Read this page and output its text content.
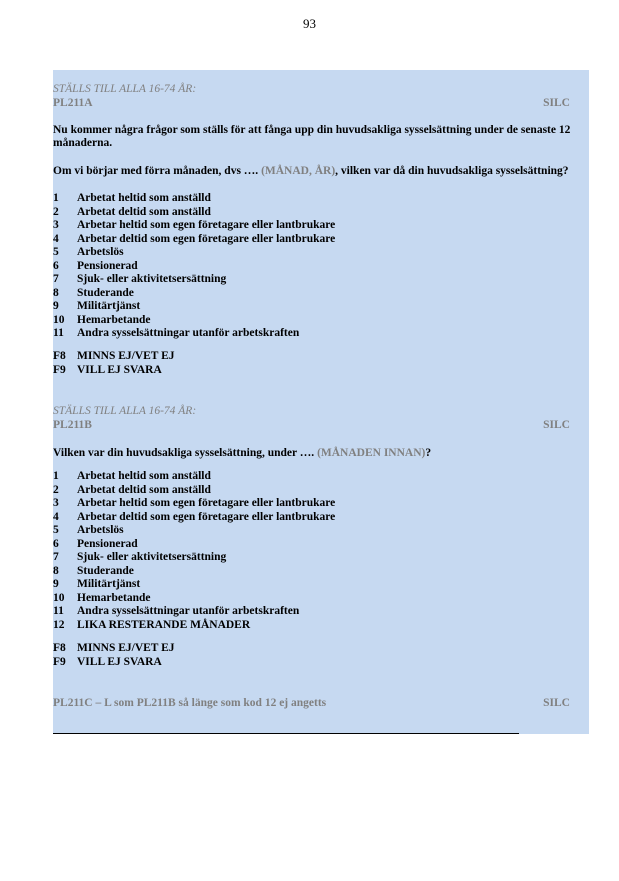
93
STÄLLS TILL ALLA 16-74 ÅR:
PL211A	SILC
Nu kommer några frågor som ställs för att fånga upp din huvudsakliga sysselsättning under de senaste 12 månaderna.
Om vi börjar med förra månaden, dvs …. (MÅNAD, ÅR), vilken var då din huvudsakliga sysselsättning?
1 Arbetat heltid som anställd
2 Arbetat deltid som anställd
3 Arbetar heltid som egen företagare eller lantbrukare
4 Arbetar deltid som egen företagare eller lantbrukare
5 Arbetslös
6 Pensionerad
7 Sjuk- eller aktivitetsersättning
8 Studerande
9 Militärtjänst
10 Hemarbetande
11 Andra sysselsättningar utanför arbetskraften
F8 MINNS EJ/VET EJ
F9 VILL EJ SVARA
STÄLLS TILL ALLA 16-74 ÅR:
PL211B	SILC
Vilken var din huvudsakliga sysselsättning, under …. (MÅNADEN INNAN)?
1 Arbetat heltid som anställd
2 Arbetat deltid som anställd
3 Arbetar heltid som egen företagare eller lantbrukare
4 Arbetar deltid som egen företagare eller lantbrukare
5 Arbetslös
6 Pensionerad
7 Sjuk- eller aktivitetsersättning
8 Studerande
9 Militärtjänst
10 Hemarbetande
11 Andra sysselsättningar utanför arbetskraften
12 LIKA RESTERANDE MÅNADER
F8 MINNS EJ/VET EJ
F9 VILL EJ SVARA
PL211C – L som PL211B så länge som kod 12 ej angetts	SILC
